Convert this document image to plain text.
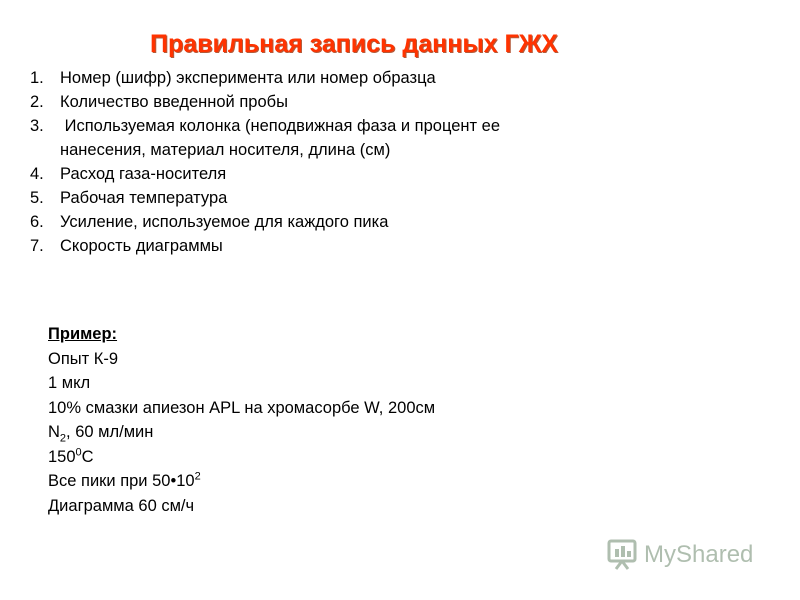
Правильная запись данных ГЖХ
1. Номер (шифр) эксперимента или номер образца
2. Количество введенной пробы
3. Используемая колонка (неподвижная фаза и процент ее нанесения, материал носителя, длина (см)
4. Расход газа-носителя
5. Рабочая температура
6. Усиление, используемое для каждого пика
7. Скорость диаграммы
Пример:
Опыт К-9
1 мкл
10% смазки апиезон APL на хромасорбе W, 200см
$N_2$, 60 мл/мин
$150^0С$
Все пики при $50•10^2$
Диаграмма 60 см/ч
MyShared
